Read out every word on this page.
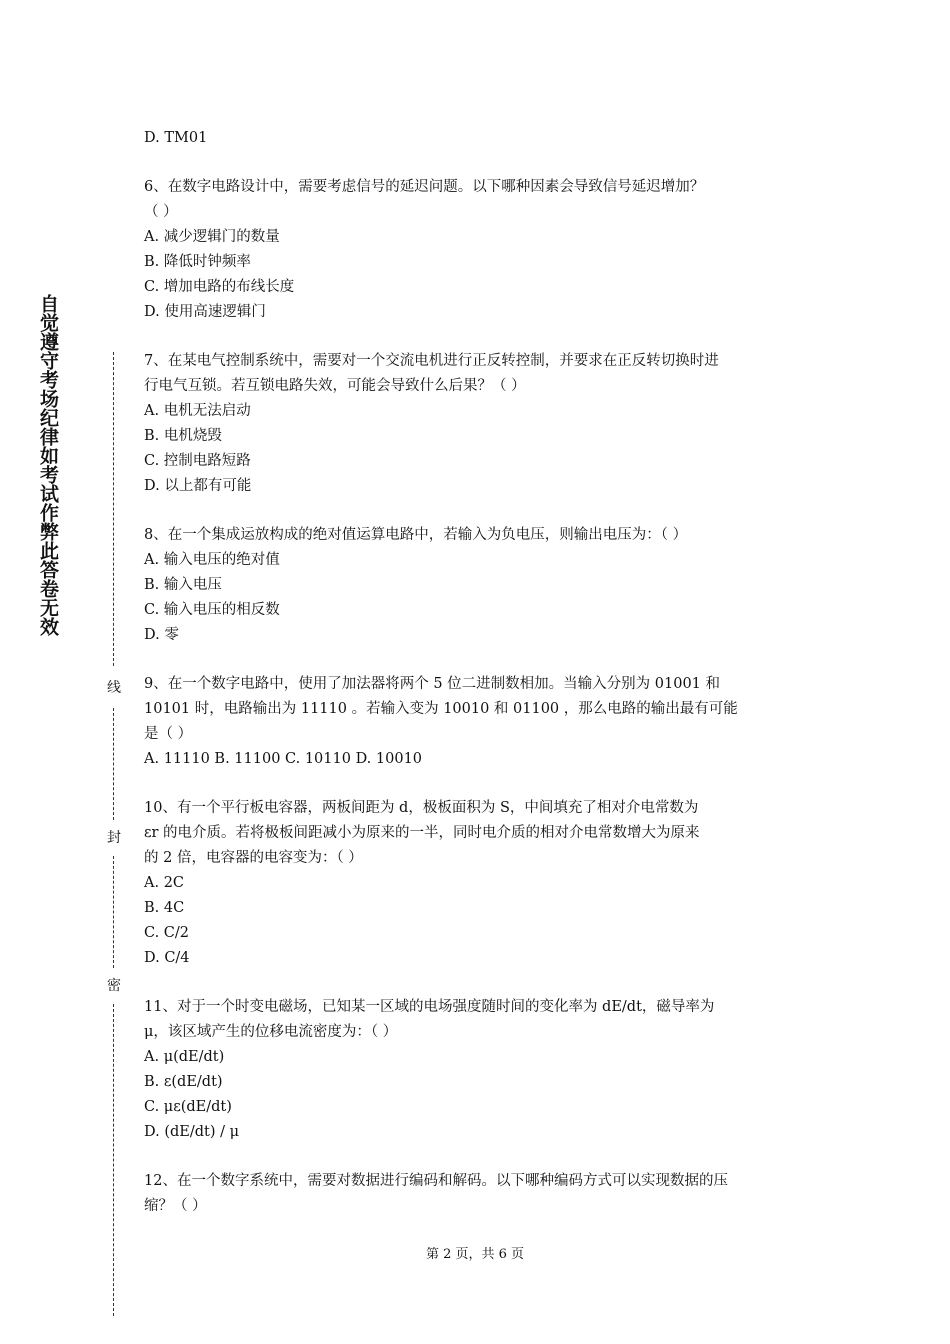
自觉遵守考场纪律如考试作弊此答卷无效
线
封
密
D. TM01
6、在数字电路设计中，需要考虑信号的延迟问题。以下哪种因素会导致信号延迟增加？
（ ）
A. 减少逻辑门的数量
B. 降低时钟频率
C. 增加电路的布线长度
D. 使用高速逻辑门
7、在某电气控制系统中，需要对一个交流电机进行正反转控制，并要求在正反转切换时进
行电气互锁。若互锁电路失效，可能会导致什么后果？（ ）
A. 电机无法启动
B. 电机烧毁
C. 控制电路短路
D. 以上都有可能
8、在一个集成运放构成的绝对值运算电路中，若输入为负电压，则输出电压为：（ ）
A. 输入电压的绝对值
B. 输入电压
C. 输入电压的相反数
D. 零
9、在一个数字电路中，使用了加法器将两个 5 位二进制数相加。当输入分别为 01001 和
10101 时，电路输出为 11110 。若输入变为 10010 和 01100 ，那么电路的输出最有可能
是（ ）
A. 11110 B. 11100 C. 10110 D. 10010
10、有一个平行板电容器，两板间距为 d，极板面积为 S，中间填充了相对介电常数为
εr 的电介质。若将极板间距减小为原来的一半，同时电介质的相对介电常数增大为原来
的 2 倍，电容器的电容变为：（ ）
A. 2C
B. 4C
C. C/2
D. C/4
11、对于一个时变电磁场，已知某一区域的电场强度随时间的变化率为 dE/dt，磁导率为
μ，该区域产生的位移电流密度为：（ ）
A. μ(dE/dt)
B. ε(dE/dt)
C. με(dE/dt)
D. (dE/dt) / μ
12、在一个数字系统中，需要对数据进行编码和解码。以下哪种编码方式可以实现数据的压
缩？（ ）
第 2 页，共 6 页
